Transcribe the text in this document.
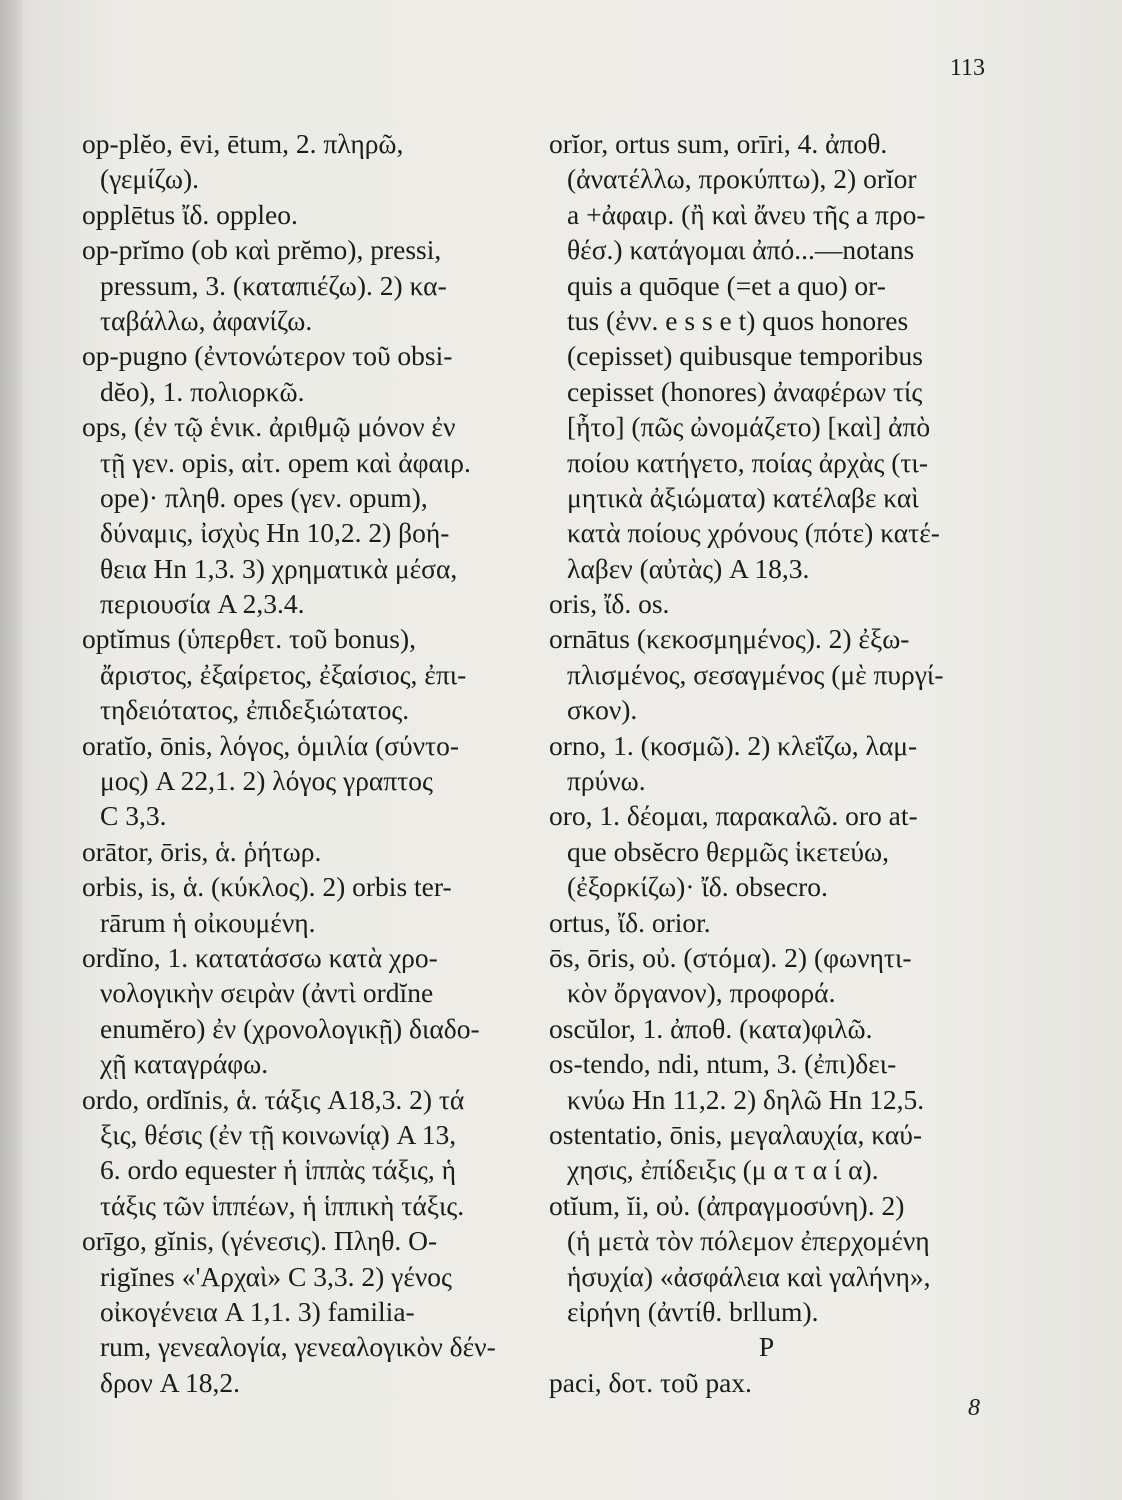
113
op-plĕo, ēvi, ētum, 2. πληρῶ,
(γεμίζω).
opplētus ἴδ. oppleo.
op-prĭmo (ob καὶ prĕmo), pressi,
pressum, 3. (καταπιέζω). 2) κα-
ταβάλλω, ἀφανίζω.
op-pugno (ἐντονώτερον τοῦ obsi-
dĕo), 1. πολιορκῶ.
ops, (ἐν τῷ ἑνικ. ἀριθμῷ μόνον ἐν
τῇ γεν. opis, αἰτ. opem καὶ ἀφαιρ.
ope)· πληθ. opes (γεν. opum),
δύναμις, ἰσχὺς Hn 10,2. 2) βοή-
θεια Hn 1,3. 3) χρηματικὰ μέσα,
περιουσία A 2,3.4.
optĭmus (ὑπερθετ. τοῦ bonus),
ἄριστος, ἐξαίρετος, ἐξαίσιος, ἐπι-
τηδειότατος, ἐπιδεξιώτατος.
oratĭo, ōnis, λόγος, ὁμιλία (σύντο-
μος) A 22,1. 2) λόγος γραπτος
C 3,3.
orātor, ōris, ἁ. ῥήτωρ.
orbis, is, ἁ. (κύκλος). 2) orbis ter-
rārum ἡ οἰκουμένη.
ordĭno, 1. κατατάσσω κατὰ χρο-
νολογικὴν σειρὰν (ἀντὶ ordĭne
enumĕro) ἐν (χρονολογικῇ) διαδο-
χῇ καταγράφω.
ordo, ordĭnis, ἁ. τάξις A18,3. 2) τά
ξις, θέσις (ἐν τῇ κοινωνίᾳ) A 13,
6. ordo equester ἡ ἱππὰς τάξις, ἡ
τάξις τῶν ἱππέων, ἡ ἱππικὴ τάξις.
orīgo, gĭnis, (γένεσις). Πληθ. O-
rigĭnes «'Αρχαὶ» C 3,3. 2) γένος
οἰκογένεια A 1,1. 3) familia-
rum, γενεαλογία, γενεαλογικὸν δέν-
δρον A 18,2.
orĭor, ortus sum, orīri, 4. ἀποθ.
(ἀνατέλλω, προκύπτω), 2) orĭor
a +ἀφαιρ. (ἢ καὶ ἄνευ τῆς a προ-
θέσ.) κατάγομαι ἀπό...—notans
quis a quōque (=et a quo) or-
tus (ἐνν. e s s e t) quos honores
(cepisset) quibusque temporibus
cepisset (honores) ἀναφέρων τίς
[ἦτο] (πῶς ὠνομάζετο) [καὶ] ἀπὸ
ποίου κατήγετο, ποίας ἀρχὰς (τι-
μητικὰ ἀξιώματα) κατέλαβε καὶ
κατὰ ποίους χρόνους (πότε) κατέ-
λαβεν (αὐτὰς) A 18,3.
oris, ἴδ. os.
ornātus (κεκοσμημένος). 2) ἐξω-
πλισμένος, σεσαγμένος (μὲ πυργί-
σκον).
orno, 1. (κοσμῶ). 2) κλεΐζω, λαμ-
πρύνω.
oro, 1. δέομαι, παρακαλῶ. oro at-
que obsĕcro θερμῶς ἱκετεύω,
(ἐξορκίζω)· ἴδ. obsecro.
ortus, ἴδ. orior.
ōs, ōris, οὐ. (στόμα). 2) (φωνητι-
κὸν ὄργανον), προφορά.
oscŭlor, 1. ἀποθ. (κατα)φιλῶ.
os-tendo, ndi, ntum, 3. (ἐπι)δει-
κνύω Hn 11,2. 2) δηλῶ Hn 12,5.
ostentatio, ōnis, μεγαλαυχία, καύ-
χησις, ἐπίδειξις (μ α τ α ί α).
otĭum, ĭi, οὐ. (ἀπραγμοσύνη). 2)
(ἡ μετὰ τὸν πόλεμον ἐπερχομένη
ἡσυχία) «ἀσφάλεια καὶ γαλήνη»,
εἰρήνη (ἀντίθ. brllum).
P
paci, δοτ. τοῦ pax.
8
